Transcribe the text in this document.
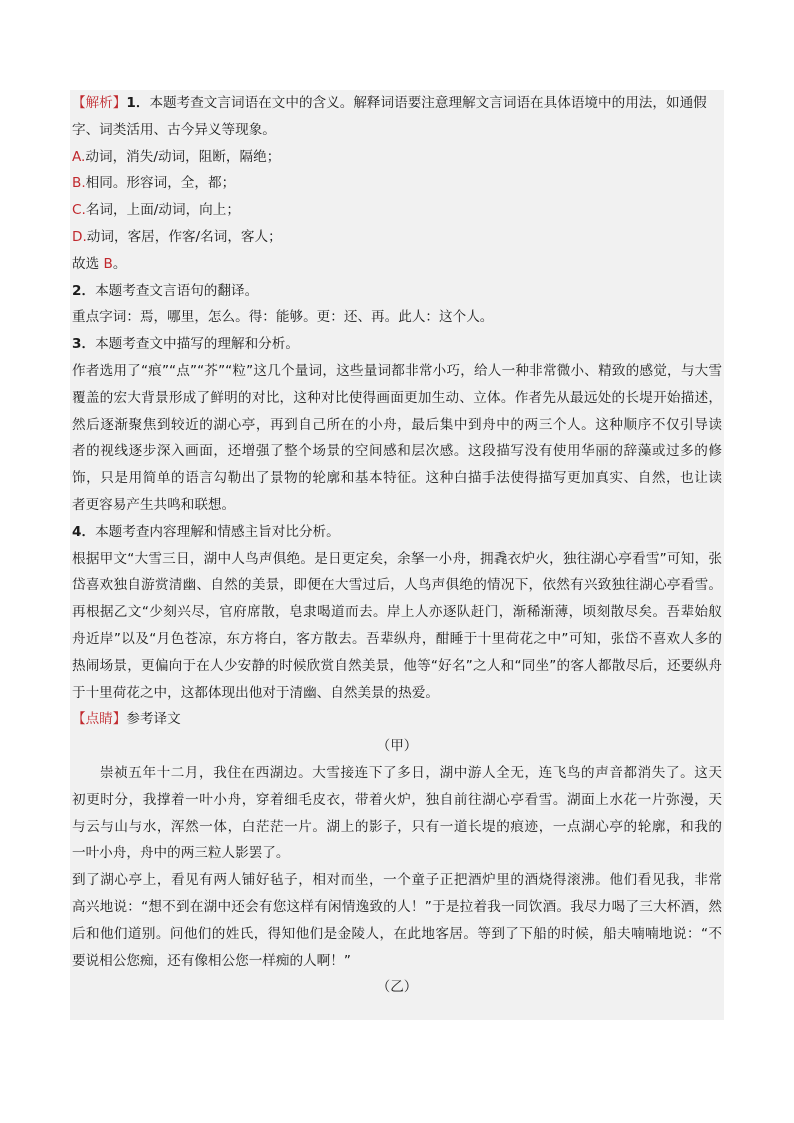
【解析】1．本题考查文言词语在文中的含义。解释词语要注意理解文言词语在具体语境中的用法，如通假
字、词类活用、古今异义等现象。
A.动词，消失/动词，阻断，隔绝；
B.相同。形容词，全，都；
C.名词，上面/动词，向上；
D.动词，客居，作客/名词，客人；
故选 B。
2．本题考查文言语句的翻译。
重点字词：焉，哪里，怎么。得：能够。更：还、再。此人：这个人。
3．本题考查文中描写的理解和分析。
作者选用了“痕”“点”“芥”“粒”这几个量词，这些量词都非常小巧，给人一种非常微小、精致的感觉，与大雪
覆盖的宏大背景形成了鲜明的对比，这种对比使得画面更加生动、立体。作者先从最远处的长堤开始描述，
然后逐渐聚焦到较近的湖心亭，再到自己所在的小舟，最后集中到舟中的两三个人。这种顺序不仅引导读
者的视线逐步深入画面，还增强了整个场景的空间感和层次感。这段描写没有使用华丽的辞藻或过多的修
饰，只是用简单的语言勾勒出了景物的轮廓和基本特征。这种白描手法使得描写更加真实、自然，也让读
者更容易产生共鸣和联想。
4．本题考查内容理解和情感主旨对比分析。
根据甲文“大雪三日，湖中人鸟声俱绝。是日更定矣，余拏一小舟，拥毳衣炉火，独往湖心亭看雪”可知，张
岱喜欢独自游赏清幽、自然的美景，即便在大雪过后，人鸟声俱绝的情况下，依然有兴致独往湖心亭看雪。
再根据乙文“少刻兴尽，官府席散，皂隶喝道而去。岸上人亦逐队赶门，渐稀渐薄，顷刻散尽矣。吾辈始舣
舟近岸”以及“月色苍凉，东方将白，客方散去。吾辈纵舟，酣睡于十里荷花之中”可知，张岱不喜欢人多的
热闹场景，更偏向于在人少安静的时候欣赏自然美景，他等“好名”之人和“同坐”的客人都散尽后，还要纵舟
于十里荷花之中，这都体现出他对于清幽、自然美景的热爱。
【点睛】参考译文
（甲）
崇祯五年十二月，我住在西湖边。大雪接连下了多日，湖中游人全无，连飞鸟的声音都消失了。这天
初更时分，我撑着一叶小舟，穿着细毛皮衣，带着火炉，独自前往湖心亭看雪。湖面上水花一片弥漫，天
与云与山与水，浑然一体，白茫茫一片。湖上的影子，只有一道长堤的痕迹，一点湖心亭的轮廓，和我的
一叶小舟，舟中的两三粒人影罢了。
到了湖心亭上，看见有两人铺好毡子，相对而坐，一个童子正把酒炉里的酒烧得滚沸。他们看见我，非常
高兴地说：“想不到在湖中还会有您这样有闲情逸致的人！”于是拉着我一同饮酒。我尽力喝了三大杯酒，然
后和他们道别。问他们的姓氏，得知他们是金陵人，在此地客居。等到了下船的时候，船夫喃喃地说：“不
要说相公您痴，还有像相公您一样痴的人啊！”
（乙）
